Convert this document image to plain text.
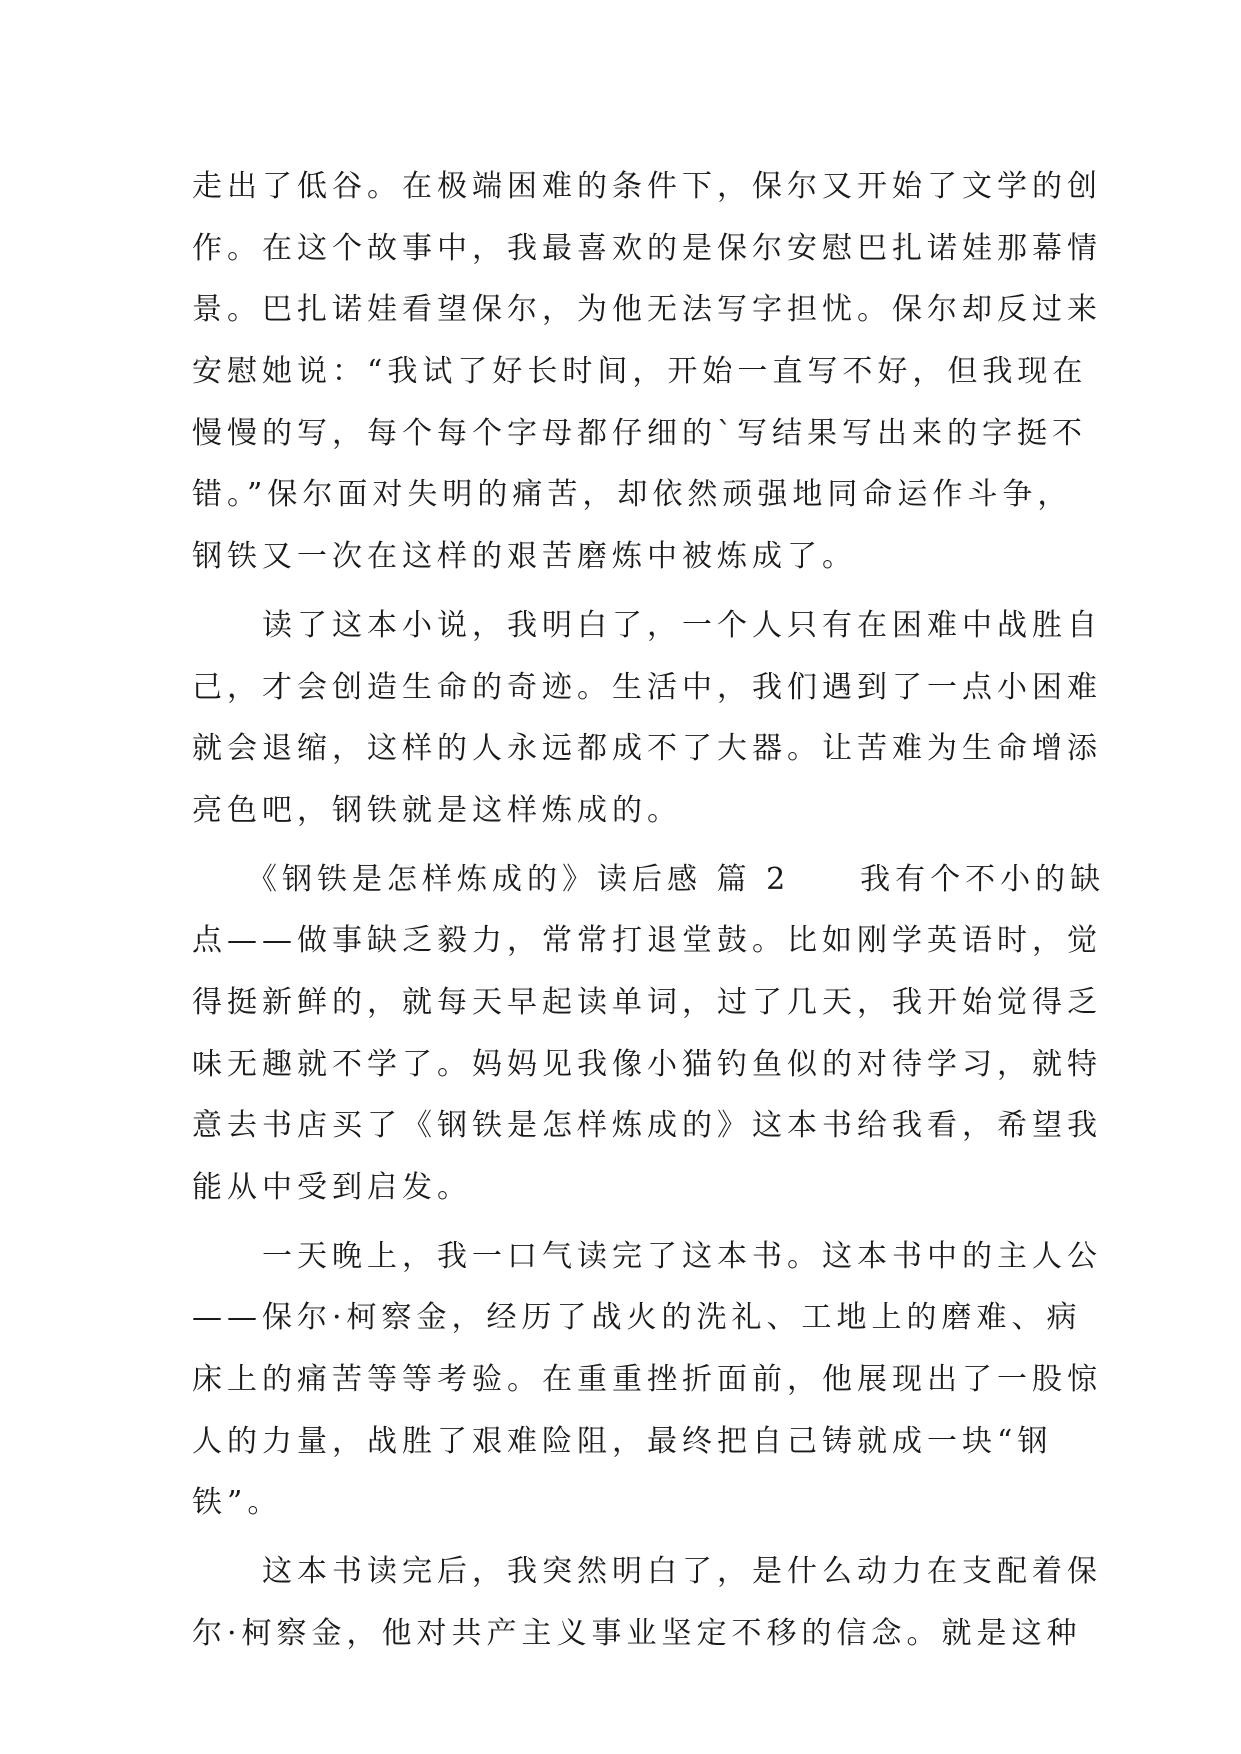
走出了低谷。在极端困难的条件下，保尔又开始了文学的创
作。在这个故事中，我最喜欢的是保尔安慰巴扎诺娃那幕情
景。巴扎诺娃看望保尔，为他无法写字担忧。保尔却反过来
安慰她说：“我试了好长时间，开始一直写不好，但我现在
慢慢的写，每个每个字母都仔细的`写结果写出来的字挺不
错。”保尔面对失明的痛苦，却依然顽强地同命运作斗争，
钢铁又一次在这样的艰苦磨炼中被炼成了。
　　读了这本小说，我明白了，一个人只有在困难中战胜自
己，才会创造生命的奇迹。生活中，我们遇到了一点小困难
就会退缩，这样的人永远都成不了大器。让苦难为生命增添
亮色吧，钢铁就是这样炼成的。
　　《钢铁是怎样炼成的》读后感 篇 2　　我有个不小的缺
点——做事缺乏毅力，常常打退堂鼓。比如刚学英语时，觉
得挺新鲜的，就每天早起读单词，过了几天，我开始觉得乏
味无趣就不学了。妈妈见我像小猫钓鱼似的对待学习，就特
意去书店买了《钢铁是怎样炼成的》这本书给我看，希望我
能从中受到启发。
　　一天晚上，我一口气读完了这本书。这本书中的主人公
——保尔·柯察金，经历了战火的洗礼、工地上的磨难、病
床上的痛苦等等考验。在重重挫折面前，他展现出了一股惊
人的力量，战胜了艰难险阻，最终把自己铸就成一块“钢
铁”。
　　这本书读完后，我突然明白了，是什么动力在支配着保
尔·柯察金，他对共产主义事业坚定不移的信念。就是这种
